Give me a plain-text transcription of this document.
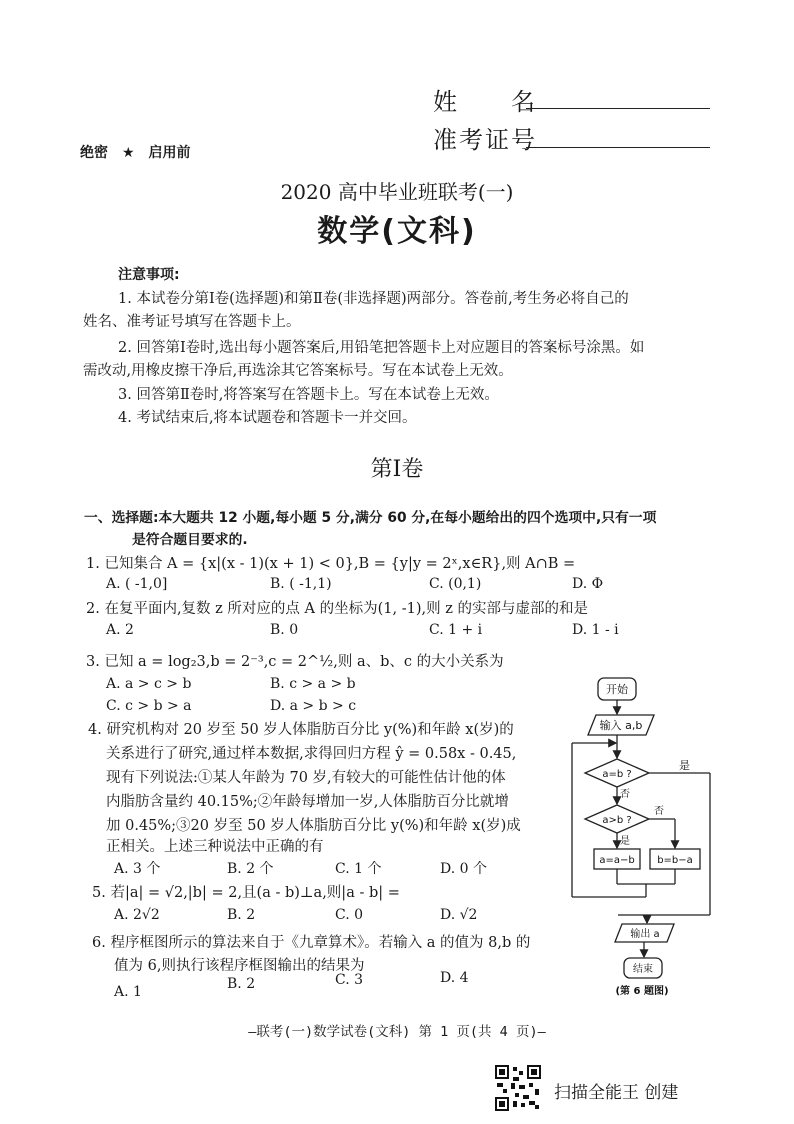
姓　　名
准考证号
绝密　★　启用前
2020 高中毕业班联考(一)
数学(文科)
注意事项:
1. 本试卷分第Ⅰ卷(选择题)和第Ⅱ卷(非选择题)两部分。答卷前,考生务必将自己的
姓名、准考证号填写在答题卡上。
2. 回答第Ⅰ卷时,选出每小题答案后,用铅笔把答题卡上对应题目的答案标号涂黑。如
需改动,用橡皮擦干净后,再选涂其它答案标号。写在本试卷上无效。
3. 回答第Ⅱ卷时,将答案写在答题卡上。写在本试卷上无效。
4. 考试结束后,将本试题卷和答题卡一并交回。
第Ⅰ卷
一、选择题:本大题共 12 小题,每小题 5 分,满分 60 分,在每小题给出的四个选项中,只有一项
是符合题目要求的.
1. 已知集合 A = {x|(x - 1)(x + 1) < 0},B = {y|y = 2ˣ,x∈R},则 A∩B =
A. ( -1,0]	B. ( -1,1)	C. (0,1)	D. Φ
2. 在复平面内,复数 z 所对应的点 A 的坐标为(1, -1),则 z 的实部与虚部的和是
A. 2	B. 0	C. 1 + i	D. 1 - i
3. 已知 a = log₂3,b = 2⁻³,c = 2^½,则 a、b、c 的大小关系为
A. a > c > b	B. c > a > b
C. c > b > a	D. a > b > c
4. 研究机构对 20 岁至 50 岁人体脂肪百分比 y(%)和年龄 x(岁)的
关系进行了研究,通过样本数据,求得回归方程 ŷ = 0.58x - 0.45,
现有下列说法:①某人年龄为 70 岁,有较大的可能性估计他的体
内脂肪含量约 40.15%;②年龄每增加一岁,人体脂肪百分比就增
加 0.45%;③20 岁至 50 岁人体脂肪百分比 y(%)和年龄 x(岁)成
正相关。上述三种说法中正确的有
A. 3 个	B. 2 个	C. 1 个	D. 0 个
5. 若|a| = √2,|b| = 2,且(a - b)⊥a,则|a - b| =
A. 2√2	B. 2	C. 0	D. √2
6. 程序框图所示的算法来自于《九章算术》。若输入 a 的值为 8,b 的
值为 6,则执行该程序框图输出的结果为
A. 1	B. 2	C. 3	D. 4
开始
输入 a,b
a=b ?
是
否
a>b ?
否
是
a=a−b b=b−a
输出 a
结束
(第 6 题图)
—联考(一)数学试卷(文科) 第 1 页(共 4 页)—
扫描全能王 创建
